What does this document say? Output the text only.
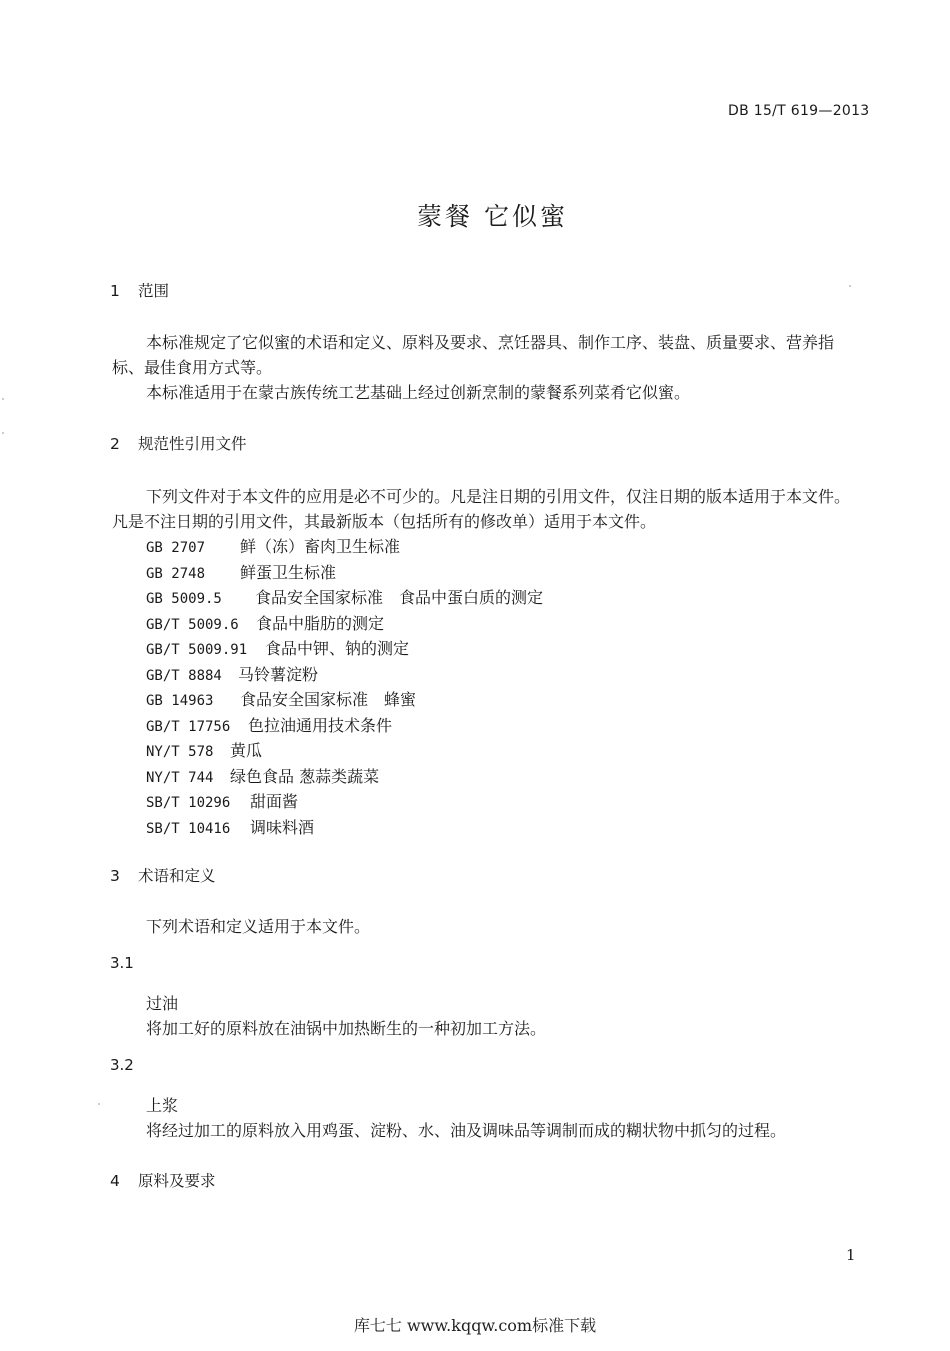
DB 15/T 619—2013
蒙餐 它似蜜
1 范围
本标准规定了它似蜜的术语和定义、原料及要求、烹饪器具、制作工序、装盘、质量要求、营养指
标、最佳食用方式等。
本标准适用于在蒙古族传统工艺基础上经过创新烹制的蒙餐系列菜肴它似蜜。
2 规范性引用文件
下列文件对于本文件的应用是必不可少的。凡是注日期的引用文件，仅注日期的版本适用于本文件。
凡是不注日期的引用文件，其最新版本（包括所有的修改单）适用于本文件。
GB 2707 鲜（冻）畜肉卫生标准
GB 2748 鲜蛋卫生标准
GB 5009.5 食品安全国家标准　食品中蛋白质的测定
GB/T 5009.6 食品中脂肪的测定
GB/T 5009.91 食品中钾、钠的测定
GB/T 8884 马铃薯淀粉
GB 14963 食品安全国家标准　蜂蜜
GB/T 17756 色拉油通用技术条件
NY/T 578 黄瓜
NY/T 744 绿色食品 葱蒜类蔬菜
SB/T 10296 甜面酱
SB/T 10416 调味料酒
3 术语和定义
下列术语和定义适用于本文件。
3.1
过油
将加工好的原料放在油锅中加热断生的一种初加工方法。
3.2
上浆
将经过加工的原料放入用鸡蛋、淀粉、水、油及调味品等调制而成的糊状物中抓匀的过程。
4 原料及要求
1
库七七 www.kqqw.com标准下载
